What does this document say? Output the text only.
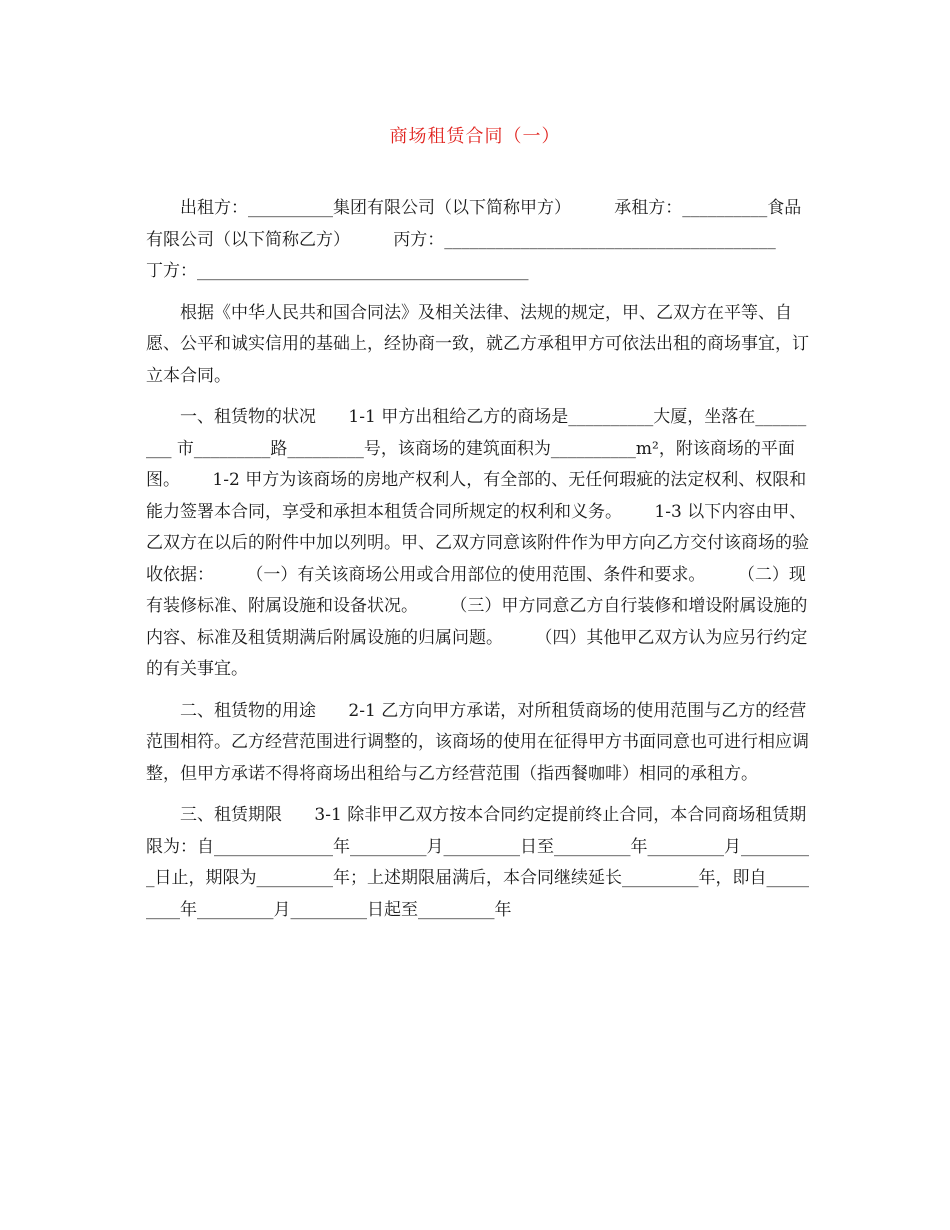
商场租赁合同（一）

出租方：__________集团有限公司（以下简称甲方）        承租方：__________食品有限公司（以下简称乙方）        丙方：_______________________________________        丁方：_______________________________________

根据《中华人民共和国合同法》及相关法律、法规的规定，甲、乙双方在平等、自愿、公平和诚实信用的基础上，经协商一致，就乙方承租甲方可依法出租的商场事宜，订立本合同。

一、租赁物的状况      1-1 甲方出租给乙方的商场是__________大厦，坐落在_________ 市_________路_________号，该商场的建筑面积为__________m²，附该商场的平面图。      1-2 甲方为该商场的房地产权利人，有全部的、无任何瑕疵的法定权利、权限和能力签署本合同，享受和承担本租赁合同所规定的权利和义务。      1-3 以下内容由甲、乙双方在以后的附件中加以列明。甲、乙双方同意该附件作为甲方向乙方交付该商场的验收依据：      （一）有关该商场公用或合用部位的使用范围、条件和要求。      （二）现有装修标准、附属设施和设备状况。      （三）甲方同意乙方自行装修和增设附属设施的内容、标准及租赁期满后附属设施的归属问题。      （四）其他甲乙双方认为应另行约定的有关事宜。

二、租赁物的用途      2-1 乙方向甲方承诺，对所租赁商场的使用范围与乙方的经营范围相符。乙方经营范围进行调整的，该商场的使用在征得甲方书面同意也可进行相应调整，但甲方承诺不得将商场出租给与乙方经营范围（指西餐咖啡）相同的承租方。

三、租赁期限      3-1 除非甲乙双方按本合同约定提前终止合同，本合同商场租赁期限为：自______________年_________月_________日至_________年_________月_________日止，期限为_________年；上述期限届满后，本合同继续延长_________年，即自_________年_________月_________日起至_________年
